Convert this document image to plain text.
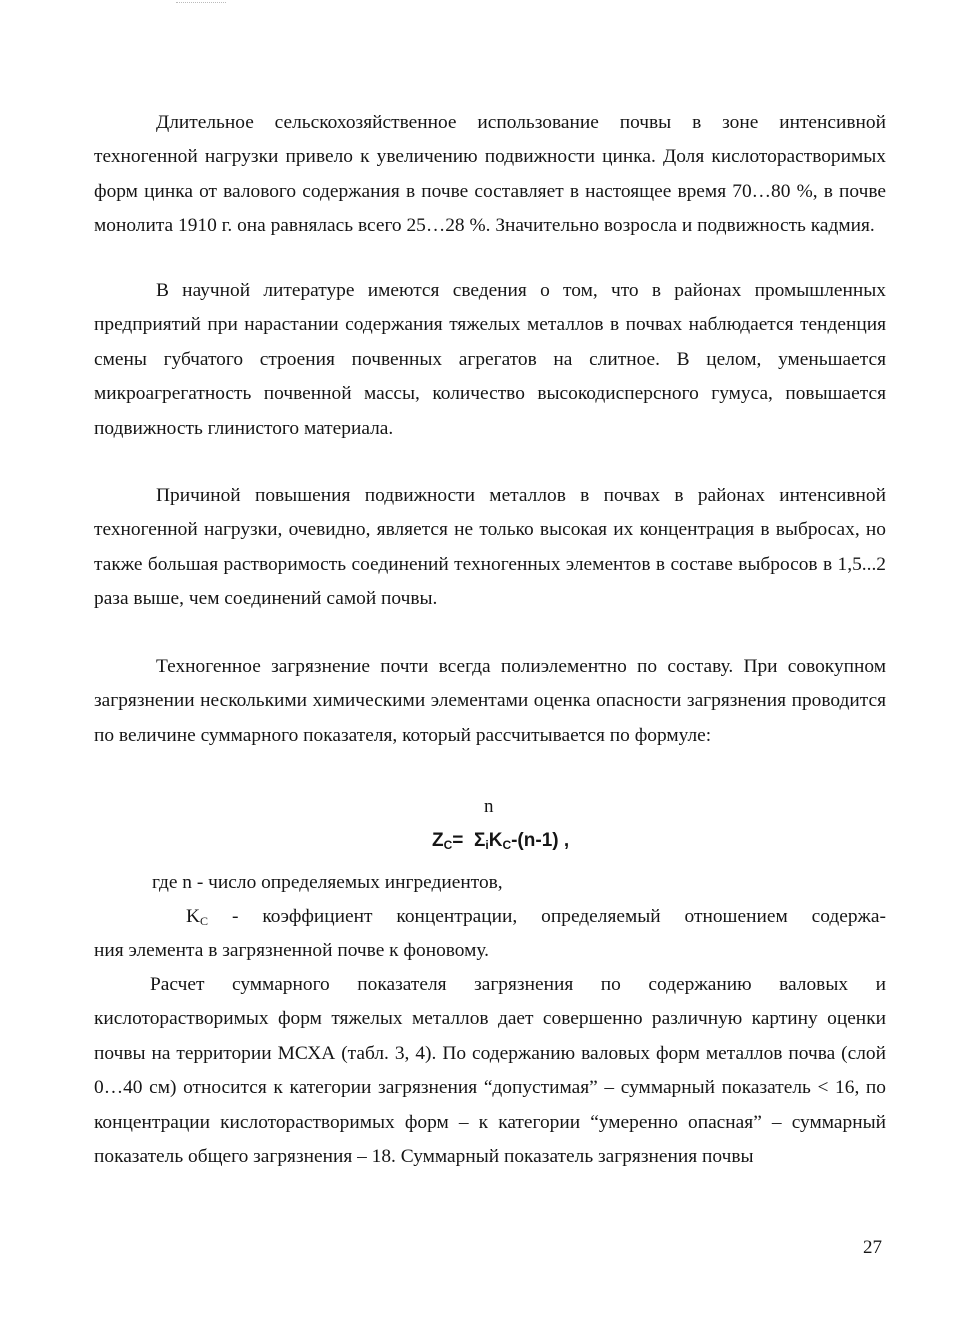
Длительное сельскохозяйственное использование почвы в зоне интенсивной техногенной нагрузки привело к увеличению подвижности цинка. Доля кислоторастворимых форм цинка от валового содержания в почве составляет в настоящее время 70…80 %, в почве монолита 1910 г. она равнялась всего 25…28 %. Значительно возросла и подвижность кадмия.

В научной литературе имеются сведения о том, что в районах промышленных предприятий при нарастании содержания тяжелых металлов в почвах наблюдается тенденция смены губчатого строения почвенных агрегатов на слитное. В целом, уменьшается микроагрегатность почвенной массы, количество высокодисперсного гумуса, повышается подвижность глинистого материала.

Причиной повышения подвижности металлов в почвах в районах интенсивной техногенной нагрузки, очевидно, является не только высокая их концентрация в выбросах, но также большая растворимость соединений техногенных элементов в составе выбросов в 1,5...2 раза выше, чем соединений самой почвы.

Техногенное загрязнение почти всегда полиэлементно по составу. При совокупном загрязнении несколькими химическими элементами оценка опасности загрязнения проводится по величине суммарного показателя, который рассчитывается по формуле:

n
$Z_C= \Sigma_iK_C-(n-1)$ ,

где n - число определяемых ингредиентов,

$K_C$ - коэффициент концентрации, определяемый отношением содержа-

ния элемента в загрязненной почве к фоновому.

Расчет суммарного показателя загрязнения по содержанию валовых и кислоторастворимых форм тяжелых металлов дает совершенно различную картину оценки почвы на территории МСХА (табл. 3, 4). По содержанию валовых форм металлов почва (слой 0…40 см) относится к категории загрязнения “допустимая” – суммарный показатель < 16, по концентрации кислоторастворимых форм – к категории “умеренно опасная” – суммарный показатель общего загрязнения – 18. Суммарный показатель загрязнения почвы

27
